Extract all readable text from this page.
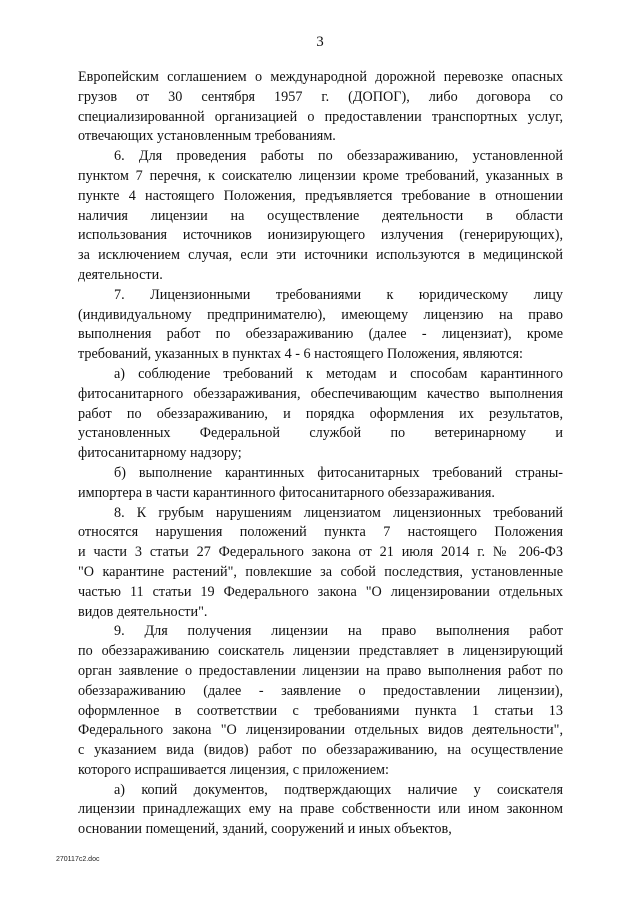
3
Европейским соглашением о международной дорожной перевозке опасных
грузов от 30 сентября 1957 г. (ДОПОГ), либо договора со
специализированной организацией о предоставлении транспортных услуг,
отвечающих установленным требованиям.
6. Для проведения работы по обеззараживанию, установленной
пунктом 7 перечня, к соискателю лицензии кроме требований, указанных в
пункте 4 настоящего Положения, предъявляется требование в отношении
наличия лицензии на осуществление деятельности в области
использования источников ионизирующего излучения (генерирующих),
за исключением случая, если эти источники используются в медицинской
деятельности.
7. Лицензионными требованиями к юридическому лицу
(индивидуальному предпринимателю), имеющему лицензию на право
выполнения работ по обеззараживанию (далее - лицензиат), кроме
требований, указанных в пунктах 4 - 6 настоящего Положения, являются:
а) соблюдение требований к методам и способам карантинного
фитосанитарного обеззараживания, обеспечивающим качество выполнения
работ по обеззараживанию, и порядка оформления их результатов,
установленных Федеральной службой по ветеринарному и
фитосанитарному надзору;
б) выполнение карантинных фитосанитарных требований страны-
импортера в части карантинного фитосанитарного обеззараживания.
8. К грубым нарушениям лицензиатом лицензионных требований
относятся нарушения положений пункта 7 настоящего Положения
и части 3 статьи 27 Федерального закона от 21 июля 2014 г. № 206-ФЗ
"О карантине растений", повлекшие за собой последствия, установленные
частью 11 статьи 19 Федерального закона "О лицензировании отдельных
видов деятельности".
9. Для получения лицензии на право выполнения работ
по обеззараживанию соискатель лицензии представляет в лицензирующий
орган заявление о предоставлении лицензии на право выполнения работ по
обеззараживанию (далее - заявление о предоставлении лицензии),
оформленное в соответствии с требованиями пункта 1 статьи 13
Федерального закона "О лицензировании отдельных видов деятельности",
с указанием вида (видов) работ по обеззараживанию, на осуществление
которого испрашивается лицензия, с приложением:
а) копий документов, подтверждающих наличие у соискателя
лицензии принадлежащих ему на праве собственности или ином законном
основании помещений, зданий, сооружений и иных объектов,
270117c2.doc
